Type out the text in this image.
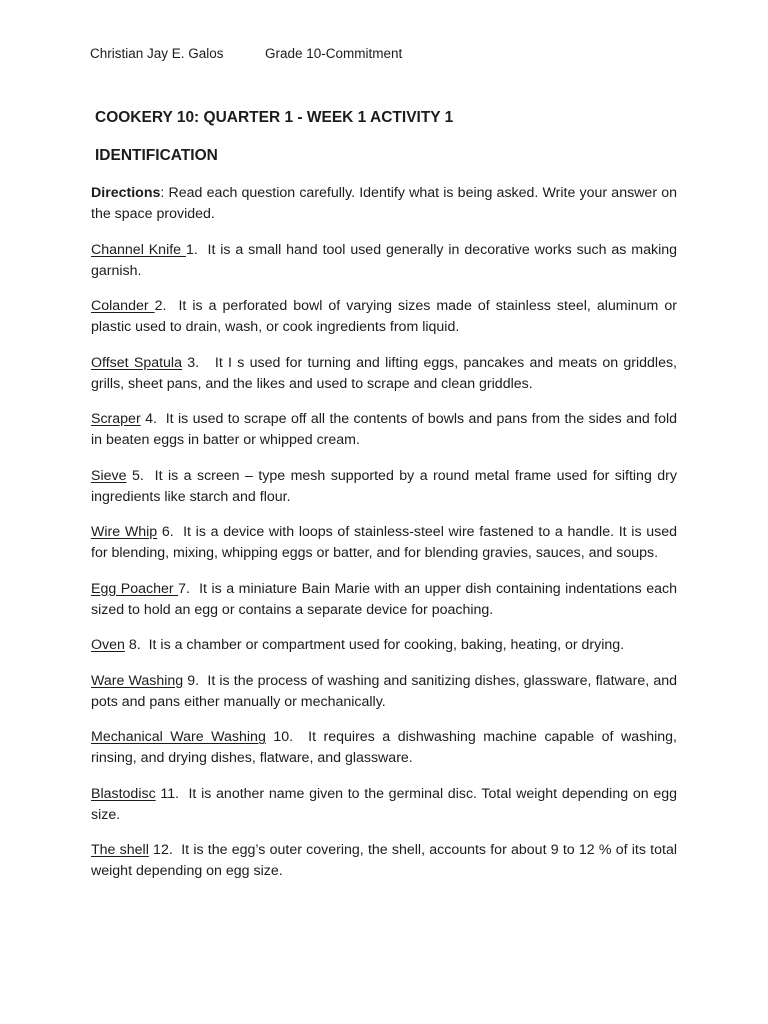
Christian Jay E. Galos	Grade 10-Commitment
COOKERY 10: QUARTER 1 - WEEK 1 ACTIVITY 1
IDENTIFICATION

Directions: Read each question carefully. Identify what is being asked. Write your answer on the space provided.

Channel Knife 1.  It is a small hand tool used generally in decorative works such as making garnish.

Colander 2.  It is a perforated bowl of varying sizes made of stainless steel, aluminum or plastic used to drain, wash, or cook ingredients from liquid.

Offset Spatula 3.   It I s used for turning and lifting eggs, pancakes and meats on griddles, grills, sheet pans, and the likes and used to scrape and clean griddles.

Scraper 4.  It is used to scrape off all the contents of bowls and pans from the sides and fold in beaten eggs in batter or whipped cream.

Sieve 5.  It is a screen – type mesh supported by a round metal frame used for sifting dry ingredients like starch and flour.

Wire Whip 6.  It is a device with loops of stainless-steel wire fastened to a handle. It is used for blending, mixing, whipping eggs or batter, and for blending gravies, sauces, and soups.

Egg Poacher 7.  It is a miniature Bain Marie with an upper dish containing indentations each sized to hold an egg or contains a separate device for poaching.

Oven 8.  It is a chamber or compartment used for cooking, baking, heating, or drying.

Ware Washing 9.  It is the process of washing and sanitizing dishes, glassware, flatware, and pots and pans either manually or mechanically.

Mechanical Ware Washing 10.  It requires a dishwashing machine capable of washing, rinsing, and drying dishes, flatware, and glassware.

Blastodisc 11.  It is another name given to the germinal disc. Total weight depending on egg size.

The shell 12.  It is the egg’s outer covering, the shell, accounts for about 9 to 12 % of its total weight depending on egg size.
